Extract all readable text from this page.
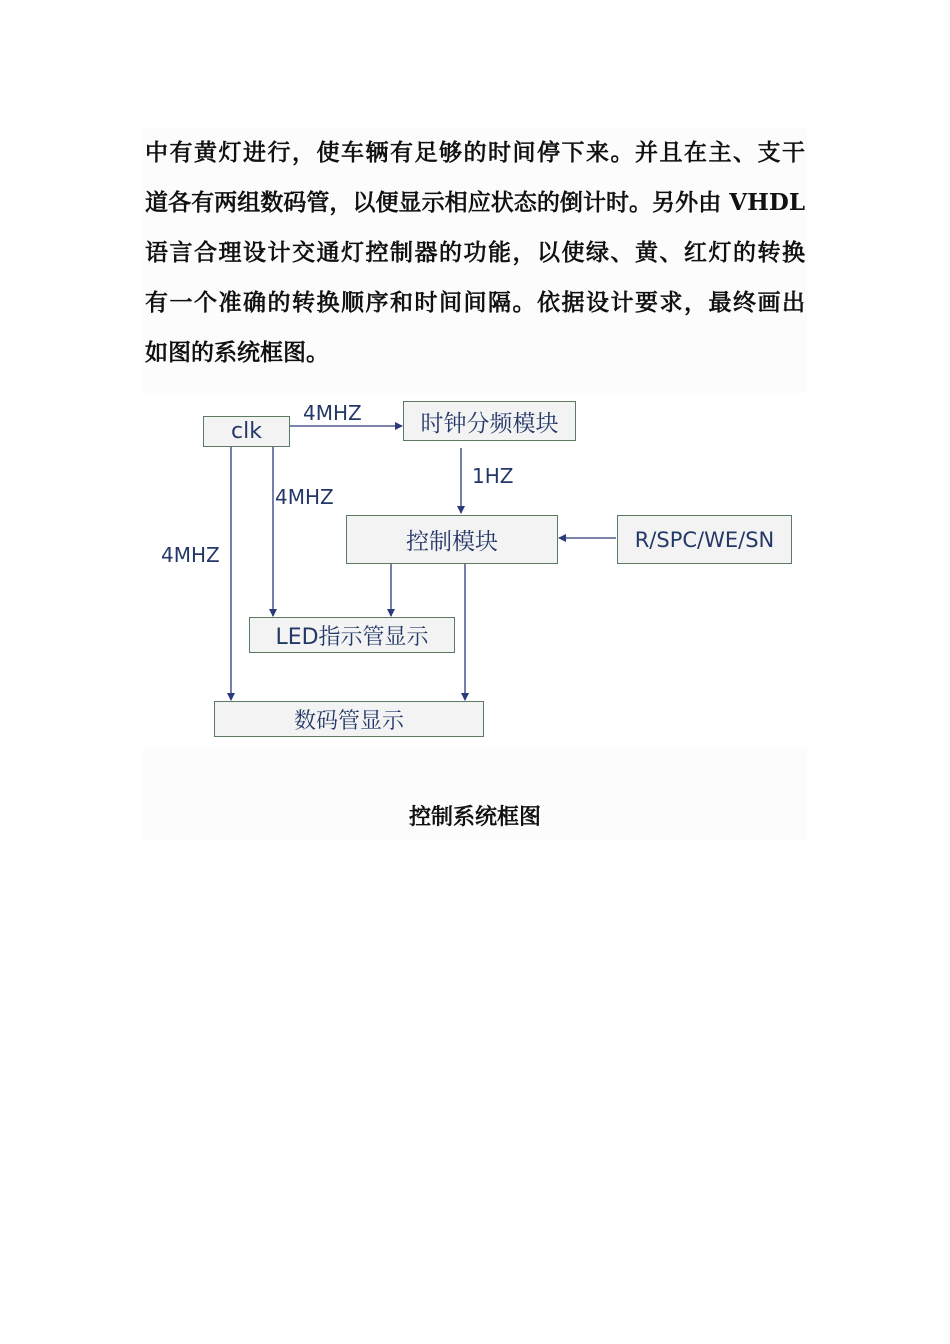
中有黄灯进行，使车辆有足够的时间停下来。并且在主、支干
道各有两组数码管，以便显示相应状态的倒计时。另外由 VHDL
语言合理设计交通灯控制器的功能，以使绿、黄、红灯的转换
有一个准确的转换顺序和时间间隔。依据设计要求，最终画出
如图的系统框图。
clk	时钟分频模块
控制模块	R/SPC/WE/SN
LED指示管显示
数码管显示
4MHZ
4MHZ
4MHZ
1HZ
控制系统框图
